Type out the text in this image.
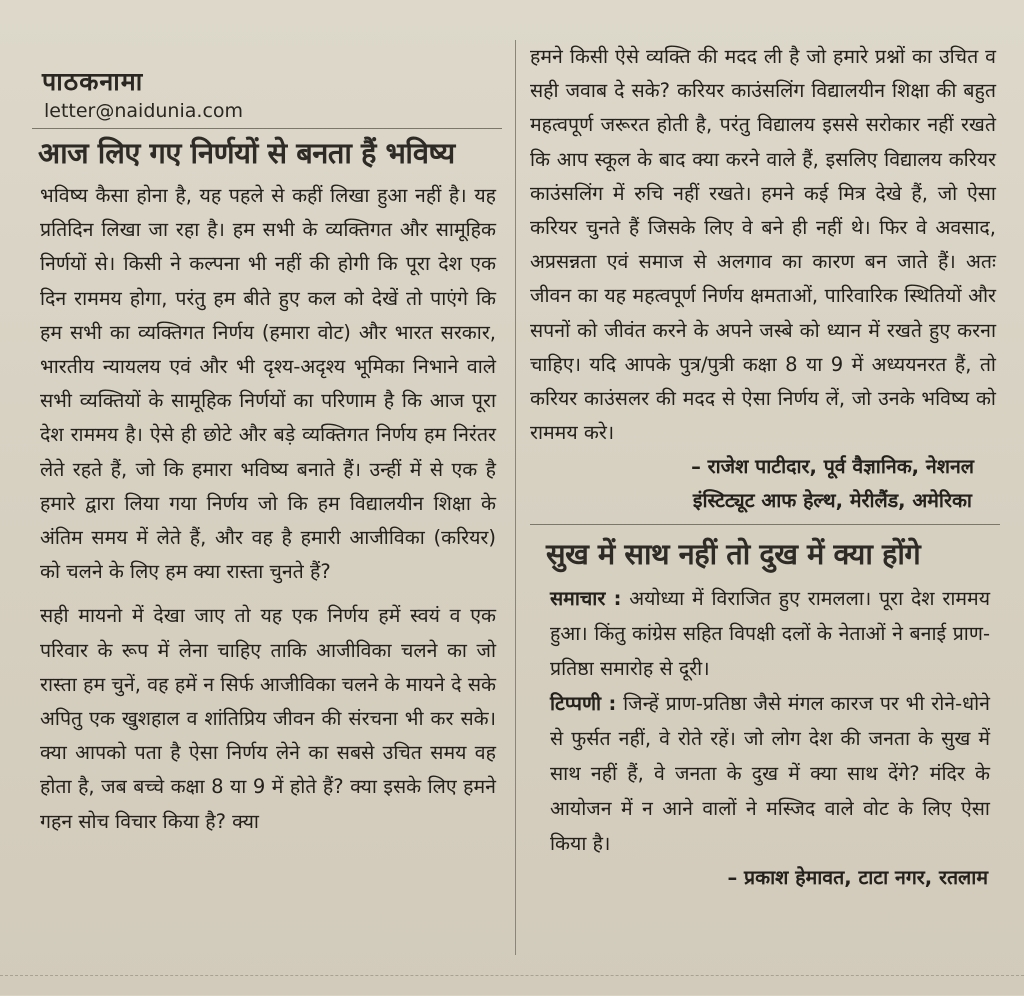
पाठकनामा
letter@naidunia.com
आज लिए गए निर्णयों से बनता हैं भविष्य

भविष्य कैसा होना है, यह पहले से कहीं लिखा हुआ नहीं है। यह प्रतिदिन लिखा जा रहा है। हम सभी के व्यक्तिगत और सामूहिक निर्णयों से। किसी ने कल्पना भी नहीं की होगी कि पूरा देश एक दिन राममय होगा, परंतु हम बीते हुए कल को देखें तो पाएंगे कि हम सभी का व्यक्तिगत निर्णय (हमारा वोट) और भारत सरकार, भारतीय न्यायलय एवं और भी दृश्य-अदृश्य भूमिका निभाने वाले सभी व्यक्तियों के सामूहिक निर्णयों का परिणाम है कि आज पूरा देश राममय है। ऐसे ही छोटे और बड़े व्यक्तिगत निर्णय हम निरंतर लेते रहते हैं, जो कि हमारा भविष्य बनाते हैं। उन्हीं में से एक है हमारे द्वारा लिया गया निर्णय जो कि हम विद्यालयीन शिक्षा के अंतिम समय में लेते हैं, और वह है हमारी आजीविका (करियर) को चलने के लिए हम क्या रास्ता चुनते हैं?

सही मायनो में देखा जाए तो यह एक निर्णय हमें स्वयं व एक परिवार के रूप में लेना चाहिए ताकि आजीविका चलने का जो रास्ता हम चुनें, वह हमें न सिर्फ आजीविका चलने के मायने दे सके अपितु एक खुशहाल व शांतिप्रिय जीवन की संरचना भी कर सके। क्या आपको पता है ऐसा निर्णय लेने का सबसे उचित समय वह होता है, जब बच्चे कक्षा 8 या 9 में होते हैं? क्या इसके लिए हमने गहन सोच विचार किया है? क्या

हमने किसी ऐसे व्यक्ति की मदद ली है जो हमारे प्रश्नों का उचित व सही जवाब दे सके? करियर काउंसलिंग विद्यालयीन शिक्षा की बहुत महत्वपूर्ण जरूरत होती है, परंतु विद्यालय इससे सरोकार नहीं रखते कि आप स्कूल के बाद क्या करने वाले हैं, इसलिए विद्यालय करियर काउंसलिंग में रुचि नहीं रखते। हमने कई मित्र देखे हैं, जो ऐसा करियर चुनते हैं जिसके लिए वे बने ही नहीं थे। फिर वे अवसाद, अप्रसन्नता एवं समाज से अलगाव का कारण बन जाते हैं। अतः जीवन का यह महत्वपूर्ण निर्णय क्षमताओं, पारिवारिक स्थितियों और सपनों को जीवंत करने के अपने जस्बे को ध्यान में रखते हुए करना चाहिए। यदि आपके पुत्र/पुत्री कक्षा 8 या 9 में अध्ययनरत हैं, तो करियर काउंसलर की मदद से ऐसा निर्णय लें, जो उनके भविष्य को राममय करे।

– राजेश पाटीदार, पूर्व वैज्ञानिक, नेशनल
इंस्टिट्यूट आफ हेल्थ, मेरीलैंड, अमेरिका
सुख में साथ नहीं तो दुख में क्या होंगे

समाचार : अयोध्या में विराजित हुए रामलला। पूरा देश राममय हुआ। किंतु कांग्रेस सहित विपक्षी दलों के नेताओं ने बनाई प्राण-प्रतिष्ठा समारोह से दूरी।

टिप्पणी : जिन्हें प्राण-प्रतिष्ठा जैसे मंगल कारज पर भी रोने-धोने से फुर्सत नहीं, वे रोते रहें। जो लोग देश की जनता के सुख में साथ नहीं हैं, वे जनता के दुख में क्या साथ देंगे? मंदिर के आयोजन में न आने वालों ने मस्जिद वाले वोट के लिए ऐसा किया है।

– प्रकाश हेमावत, टाटा नगर, रतलाम
